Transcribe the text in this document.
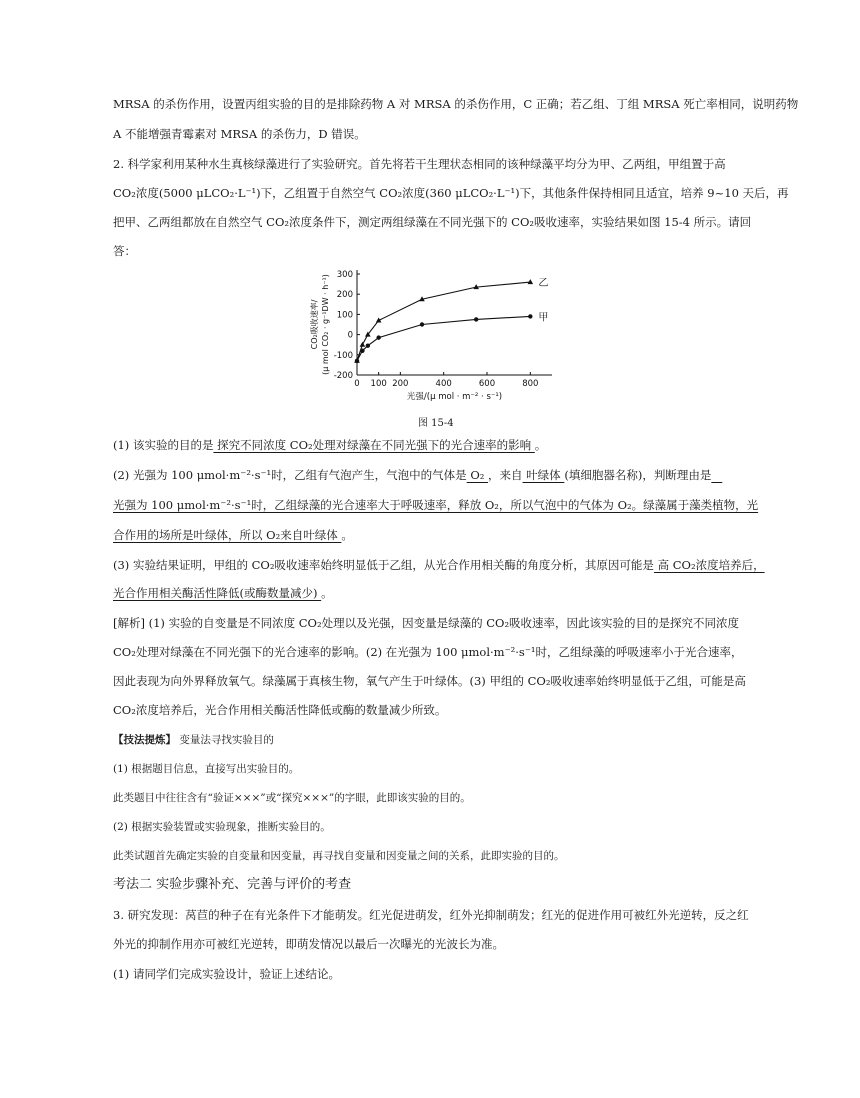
MRSA 的杀伤作用，设置丙组实验的目的是排除药物 A 对 MRSA 的杀伤作用，C 正确；若乙组、丁组 MRSA 死亡率相同，说明药物
A 不能增强青霉素对 MRSA 的杀伤力，D 错误。
2. 科学家利用某种水生真核绿藻进行了实验研究。首先将若干生理状态相同的该种绿藻平均分为甲、乙两组，甲组置于高
CO₂浓度(5000 μLCO₂·L⁻¹)下，乙组置于自然空气 CO₂浓度(360 μLCO₂·L⁻¹)下，其他条件保持相同且适宜，培养 9~10 天后，再
把甲、乙两组都放在自然空气 CO₂浓度条件下，测定两组绿藻在不同光强下的 CO₂吸收速率，实验结果如图 15-4 所示。请回
答：
-200
-100
0
100
200
300
0 100 200	400	600	800
光强/(μ mol · m⁻² · s⁻¹)
CO₂吸收速率/ (μ mol CO₂ · g⁻¹DW · h⁻¹)	乙
甲
图 15-4
(1) 该实验的目的是 探究不同浓度 CO₂处理对绿藻在不同光强下的光合速率的影响 。
(2) 光强为 100 μmol·m⁻²·s⁻¹时，乙组有气泡产生，气泡中的气体是 O₂ ，来自 叶绿体 (填细胞器名称)，判断理由是
光强为 100 μmol·m⁻²·s⁻¹时，乙组绿藻的光合速率大于呼吸速率，释放 O₂，所以气泡中的气体为 O₂。绿藻属于藻类植物，光
合作用的场所是叶绿体，所以 O₂来自叶绿体 。
(3) 实验结果证明，甲组的 CO₂吸收速率始终明显低于乙组，从光合作用相关酶的角度分析，其原因可能是 高 CO₂浓度培养后，
光合作用相关酶活性降低(或酶数量减少) 。
[解析] (1) 实验的自变量是不同浓度 CO₂处理以及光强，因变量是绿藻的 CO₂吸收速率，因此该实验的目的是探究不同浓度
CO₂处理对绿藻在不同光强下的光合速率的影响。(2) 在光强为 100 μmol·m⁻²·s⁻¹时，乙组绿藻的呼吸速率小于光合速率，
因此表现为向外界释放氧气。绿藻属于真核生物，氧气产生于叶绿体。(3) 甲组的 CO₂吸收速率始终明显低于乙组，可能是高
CO₂浓度培养后，光合作用相关酶活性降低或酶的数量减少所致。
【技法提炼】 变量法寻找实验目的
(1) 根据题目信息，直接写出实验目的。
此类题目中往往含有“验证×××”或“探究×××”的字眼，此即该实验的目的。
(2) 根据实验装置或实验现象，推断实验目的。
此类试题首先确定实验的自变量和因变量，再寻找自变量和因变量之间的关系，此即实验的目的。
考法二 实验步骤补充、完善与评价的考查
3. 研究发现：莴苣的种子在有光条件下才能萌发。红光促进萌发，红外光抑制萌发；红光的促进作用可被红外光逆转，反之红
外光的抑制作用亦可被红光逆转，即萌发情况以最后一次曝光的光波长为准。
(1) 请同学们完成实验设计，验证上述结论。
